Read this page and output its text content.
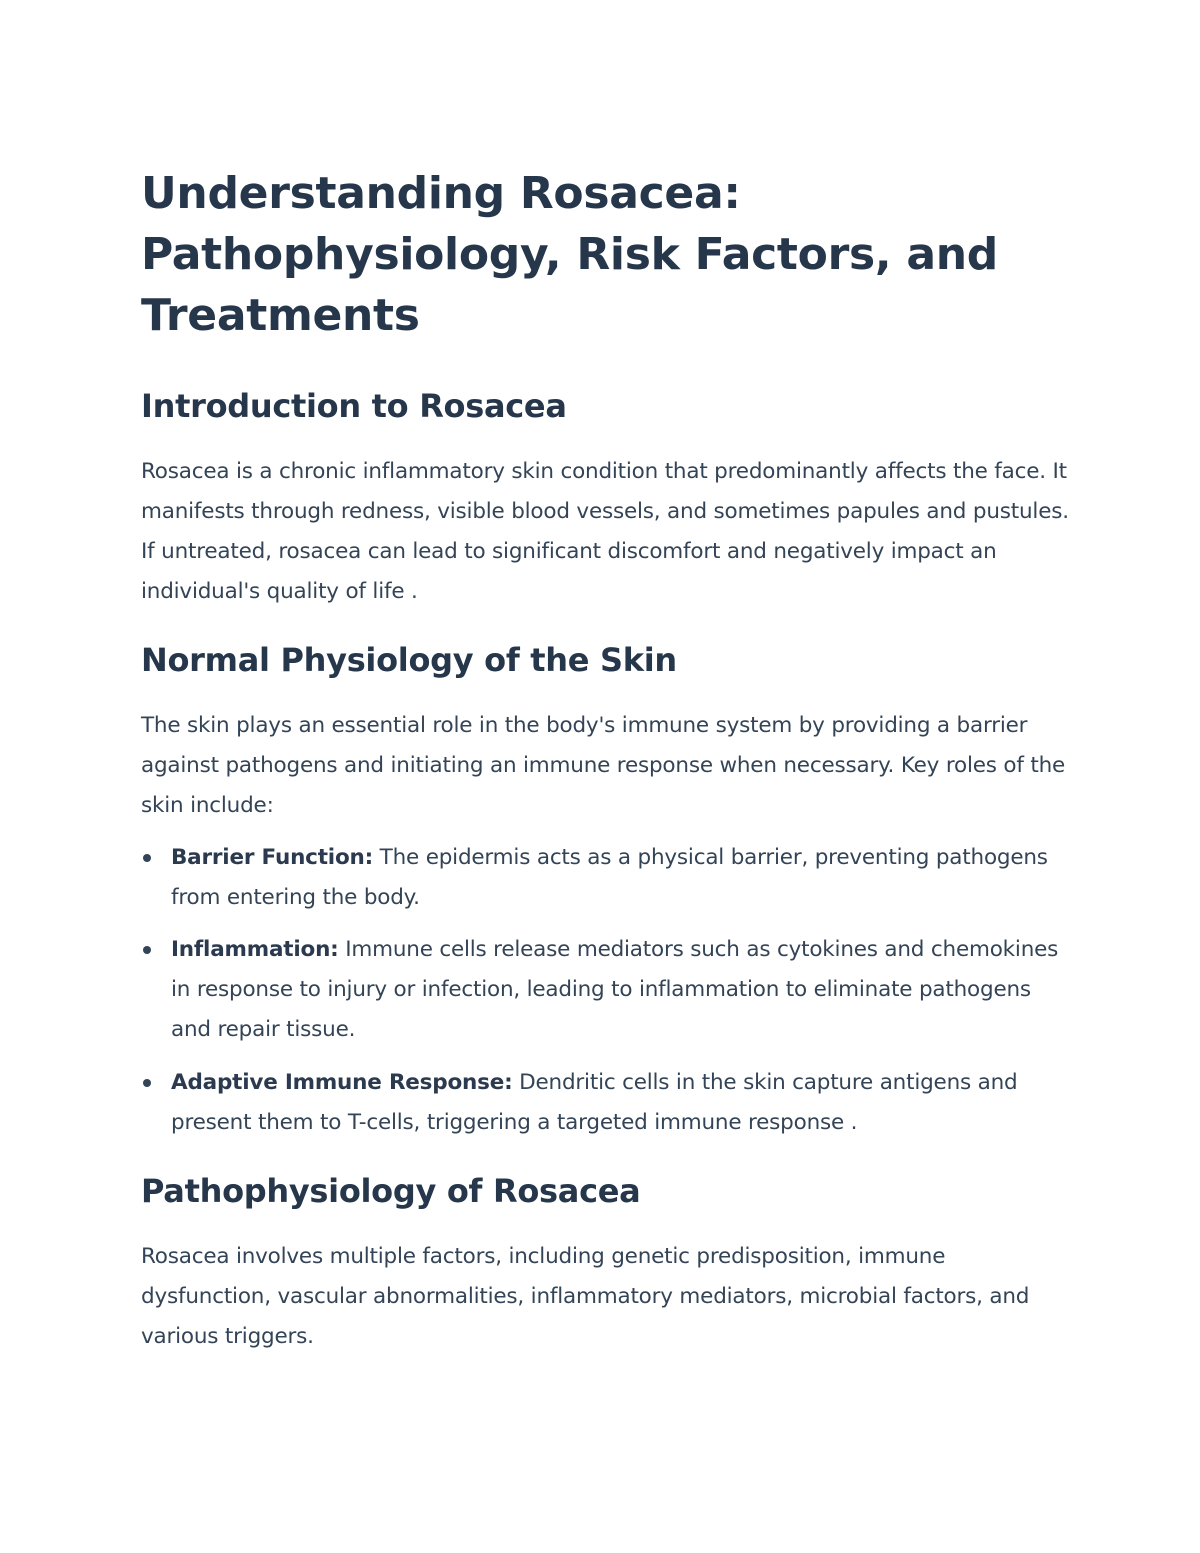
Understanding Rosacea: Pathophysiology, Risk Factors, and Treatments
Introduction to Rosacea

Rosacea is a chronic inflammatory skin condition that predominantly affects the face. It manifests through redness, visible blood vessels, and sometimes papules and pustules. If untreated, rosacea can lead to significant discomfort and negatively impact an individual's quality of life .

Normal Physiology of the Skin

The skin plays an essential role in the body's immune system by providing a barrier against pathogens and initiating an immune response when necessary. Key roles of the skin include:

Barrier Function: The epidermis acts as a physical barrier, preventing pathogens from entering the body.
Inflammation: Immune cells release mediators such as cytokines and chemokines in response to injury or infection, leading to inflammation to eliminate pathogens and repair tissue.
Adaptive Immune Response: Dendritic cells in the skin capture antigens and present them to T-cells, triggering a targeted immune response .
Pathophysiology of Rosacea

Rosacea involves multiple factors, including genetic predisposition, immune dysfunction, vascular abnormalities, inflammatory mediators, microbial factors, and various triggers.
